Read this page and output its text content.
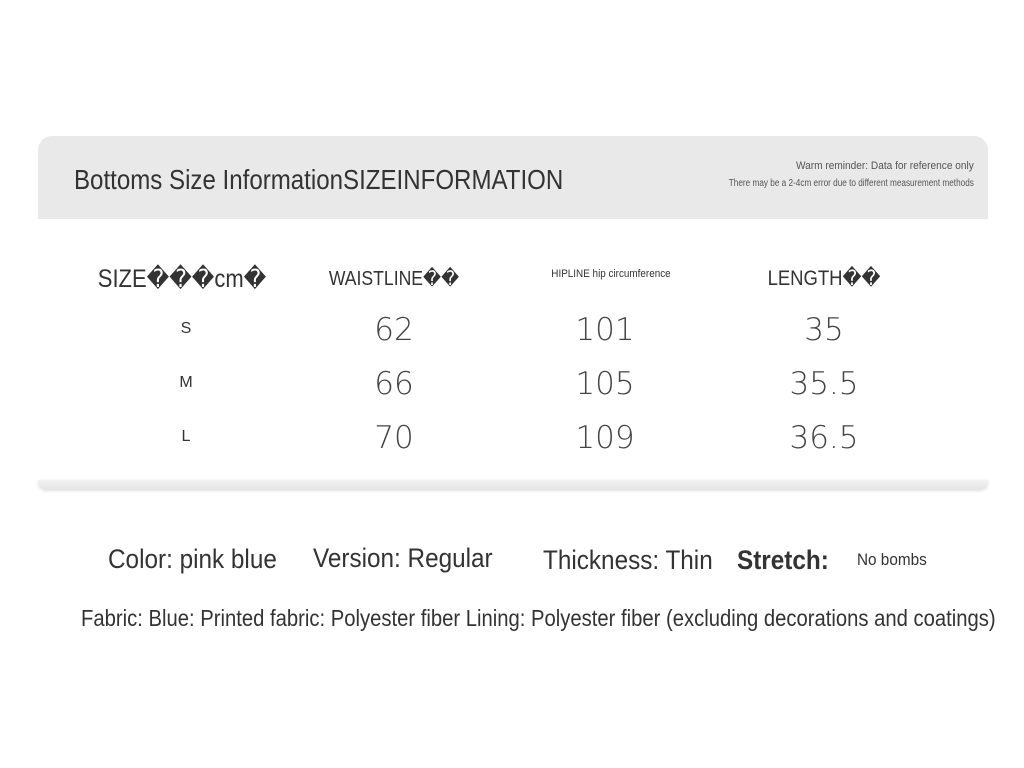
Bottoms Size InformationSIZEINFORMATION	Warm reminder: Data for reference only
There may be a 2-4cm error due to different measurement methods
SIZE���cm�	WAISTLINE��	HIPLINE hip circumference	LENGTH��
S	62	101	35
M	66	105	35.5
L	70	109	36.5
Color: pink blue Version: Regular Thickness: Thin Stretch: No bombs
Fabric: Blue: Printed fabric: Polyester fiber Lining: Polyester fiber (excluding decorations and coatings)
